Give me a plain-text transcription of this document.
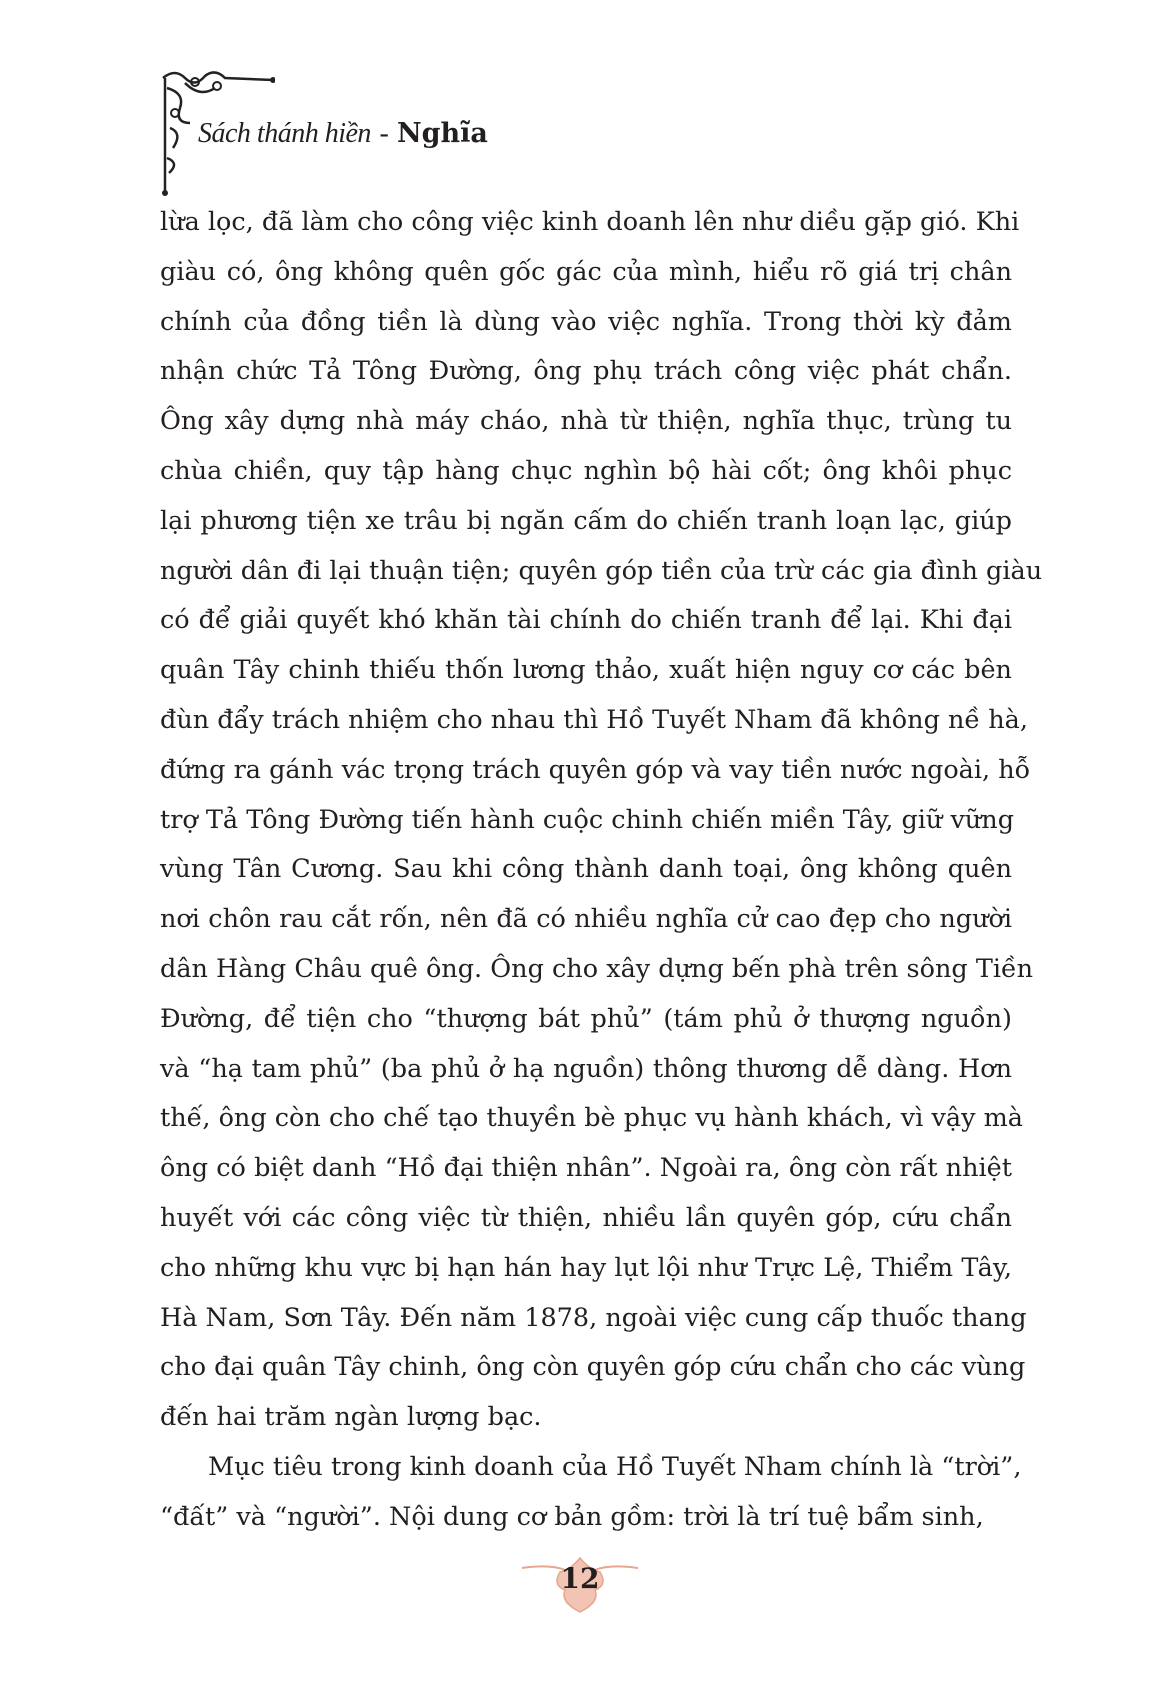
Sách thánh hiền - Nghĩa
lừa lọc, đã làm cho công việc kinh doanh lên như diều gặp gió. Khi
giàu có, ông không quên gốc gác của mình, hiểu rõ giá trị chân
chính của đồng tiền là dùng vào việc nghĩa. Trong thời kỳ đảm
nhận chức Tả Tông Đường, ông phụ trách công việc phát chẩn.
Ông xây dựng nhà máy cháo, nhà từ thiện, nghĩa thục, trùng tu
chùa chiền, quy tập hàng chục nghìn bộ hài cốt; ông khôi phục
lại phương tiện xe trâu bị ngăn cấm do chiến tranh loạn lạc, giúp
người dân đi lại thuận tiện; quyên góp tiền của trừ các gia đình giàu
có để giải quyết khó khăn tài chính do chiến tranh để lại. Khi đại
quân Tây chinh thiếu thốn lương thảo, xuất hiện nguy cơ các bên
đùn đẩy trách nhiệm cho nhau thì Hồ Tuyết Nham đã không nề hà,
đứng ra gánh vác trọng trách quyên góp và vay tiền nước ngoài, hỗ
trợ Tả Tông Đường tiến hành cuộc chinh chiến miền Tây, giữ vững
vùng Tân Cương. Sau khi công thành danh toại, ông không quên
nơi chôn rau cắt rốn, nên đã có nhiều nghĩa cử cao đẹp cho người
dân Hàng Châu quê ông. Ông cho xây dựng bến phà trên sông Tiền
Đường, để tiện cho “thượng bát phủ” (tám phủ ở thượng nguồn)
và “hạ tam phủ” (ba phủ ở hạ nguồn) thông thương dễ dàng. Hơn
thế, ông còn cho chế tạo thuyền bè phục vụ hành khách, vì vậy mà
ông có biệt danh “Hồ đại thiện nhân”. Ngoài ra, ông còn rất nhiệt
huyết với các công việc từ thiện, nhiều lần quyên góp, cứu chẩn
cho những khu vực bị hạn hán hay lụt lội như Trực Lệ, Thiểm Tây,
Hà Nam, Sơn Tây. Đến năm 1878, ngoài việc cung cấp thuốc thang
cho đại quân Tây chinh, ông còn quyên góp cứu chẩn cho các vùng
đến hai trăm ngàn lượng bạc.
Mục tiêu trong kinh doanh của Hồ Tuyết Nham chính là “trời”,
“đất” và “người”. Nội dung cơ bản gồm: trời là trí tuệ bẩm sinh,
12
